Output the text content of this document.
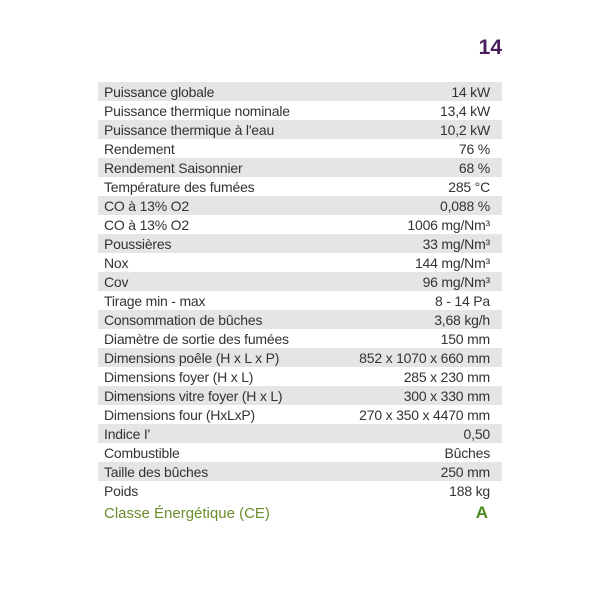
14
Puissance globale	14 kW
Puissance thermique nominale	13,4 kW
Puissance thermique à l'eau	10,2 kW
Rendement	76 %
Rendement Saisonnier	68 %
Température des fumées	285 °C
CO à 13% O2	0,088 %
CO à 13% O2	1006 mg/Nm³
Poussières	33 mg/Nm³
Nox	144 mg/Nm³
Cov	96 mg/Nm³
Tirage min - max	8 - 14 Pa
Consommation de bûches	3,68 kg/h
Diamètre de sortie des fumées	150 mm
Dimensions poêle (H x L x P)	852 x 1070 x 660 mm
Dimensions foyer (H x L)	285 x 230 mm
Dimensions vitre foyer (H x L)	300 x 330 mm
Dimensions four (HxLxP)	270 x 350 x 4470 mm
Indice I'	0,50
Combustible	Bûches
Taille des bûches	250 mm
Poids	188 kg
Classe Énergétique (CE)	A
